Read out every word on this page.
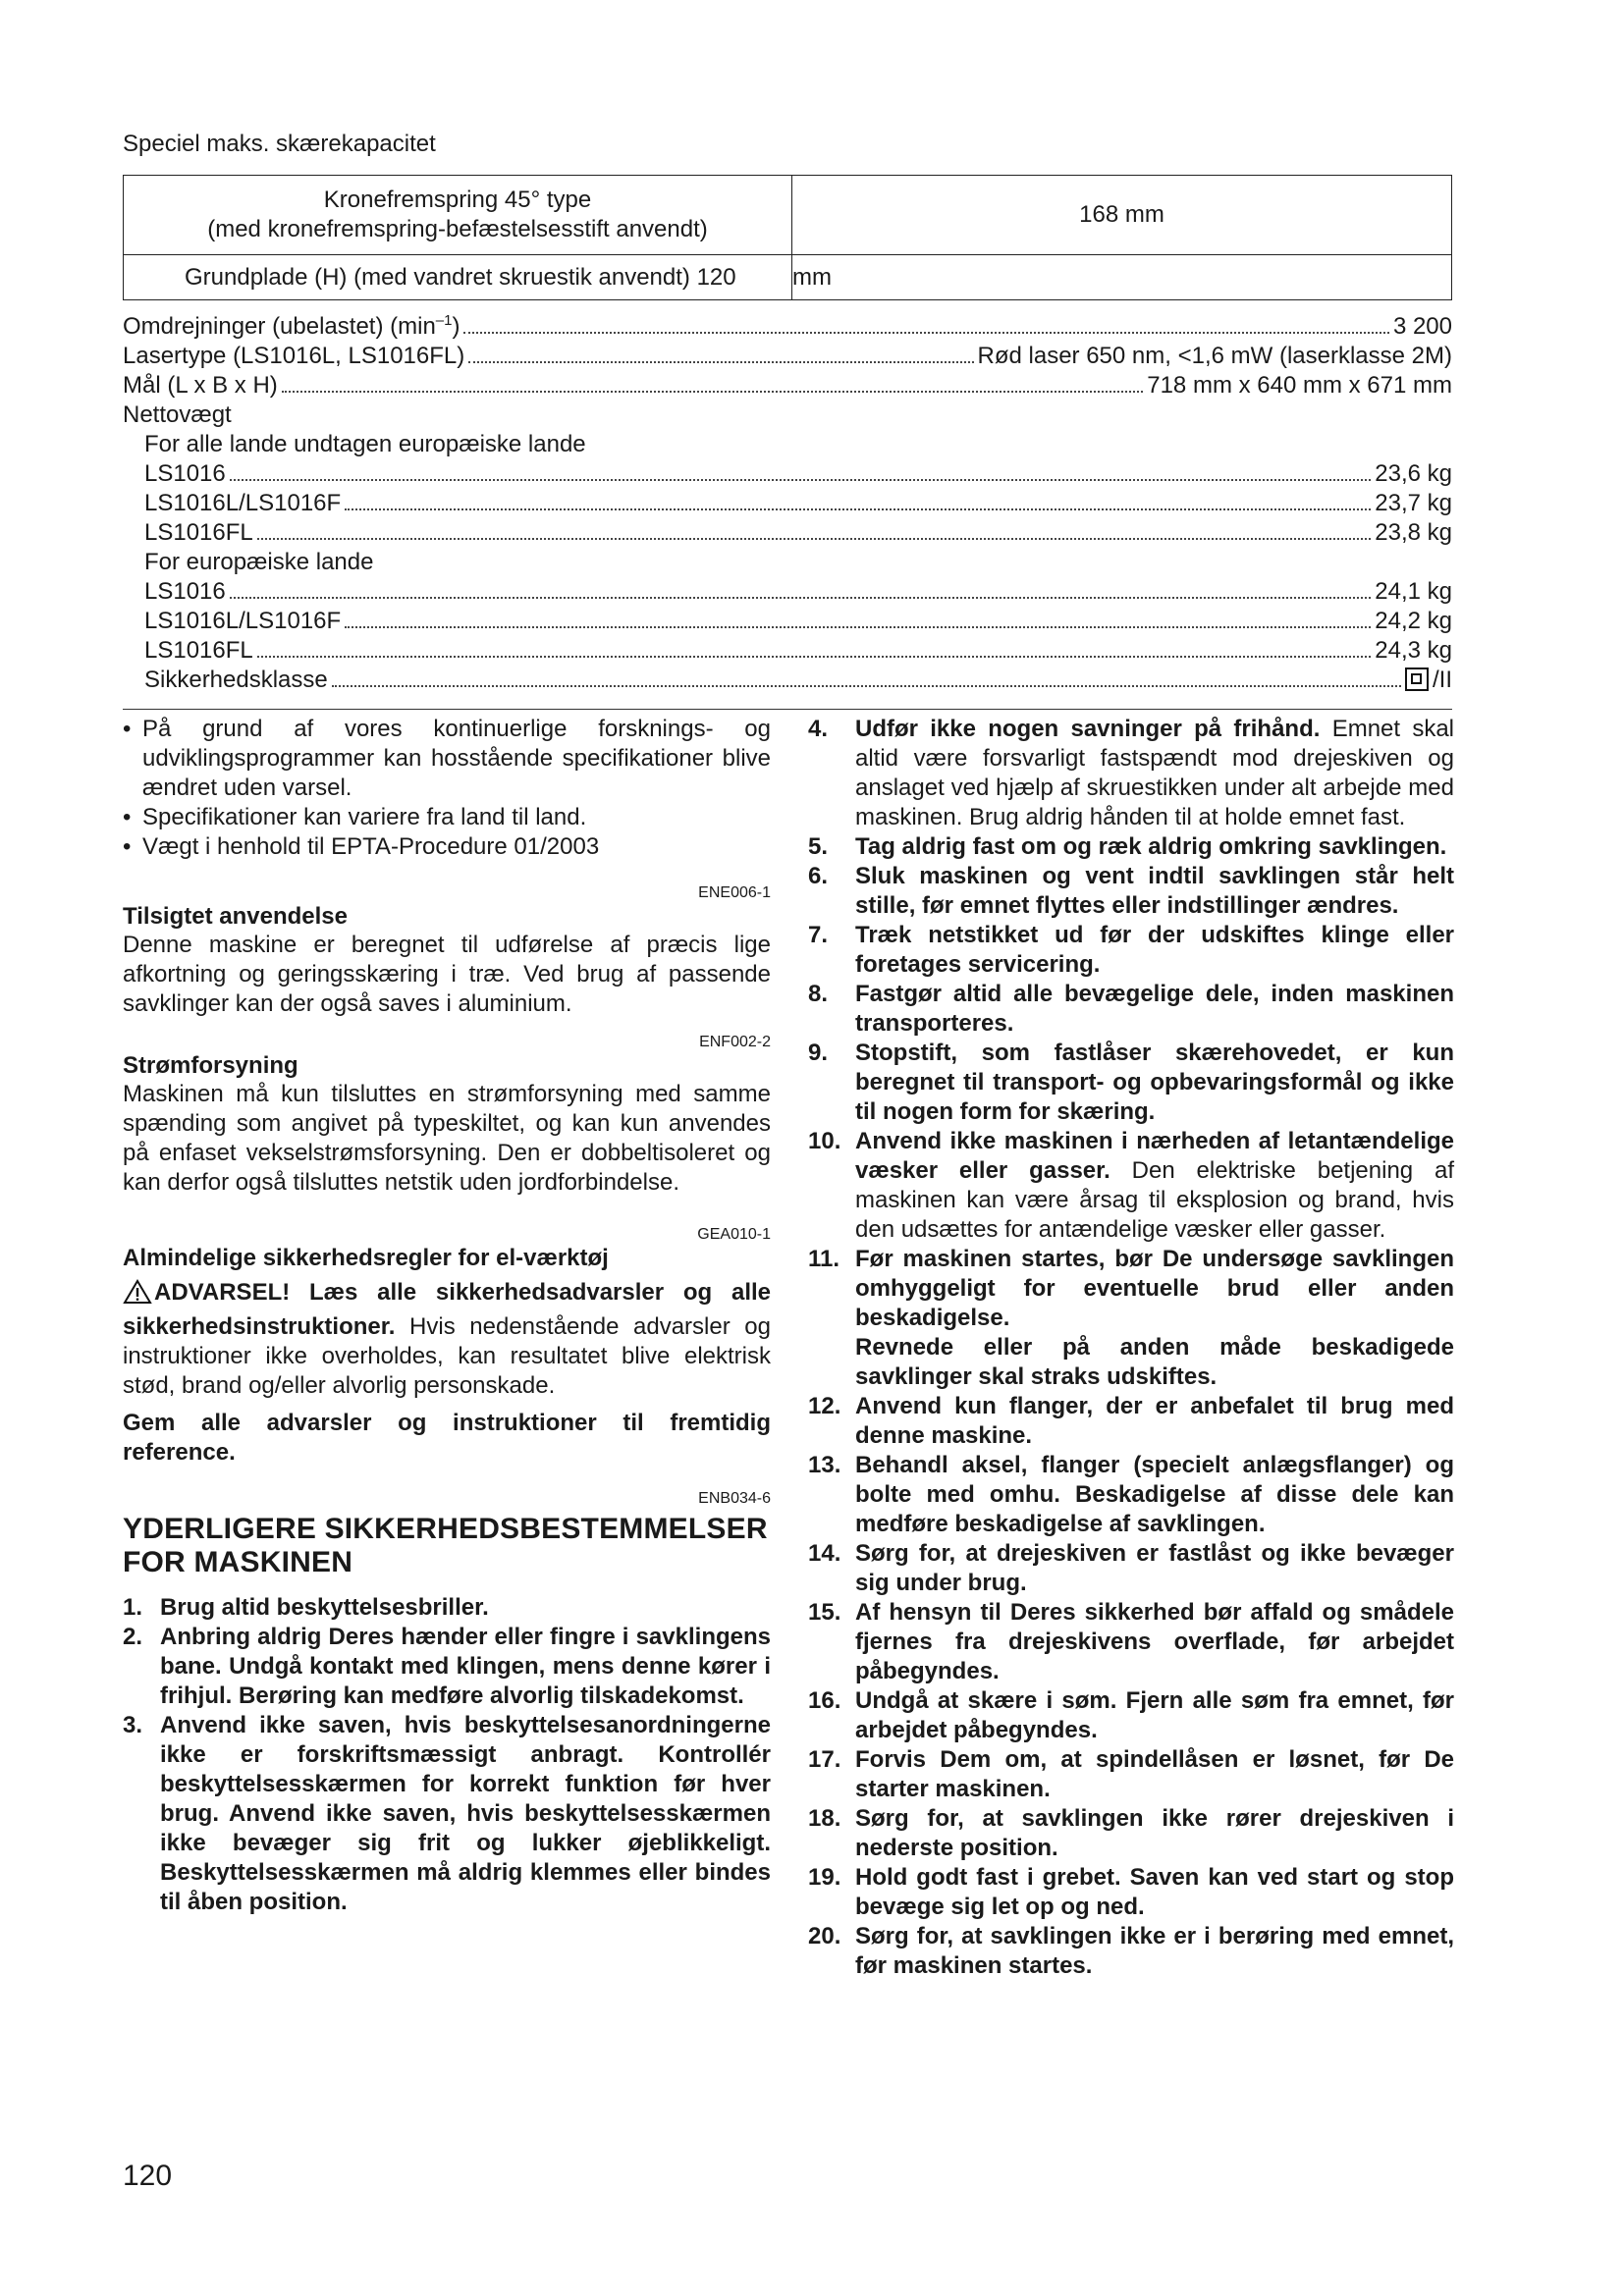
Speciel maks. skærekapacitet
Kronefremspring 45° type
(med kronefremspring-befæstelsesstift anvendt)	168 mm
Grundplade (H) (med vandret skruestik anvendt) 120	mm
Omdrejninger (ubelastet) $(\min^{-1})$	3 200
Lasertype (LS1016L, LS1016FL)	Rød laser 650 nm, <1,6 mW (laserklasse 2M)
Mål (L x B x H)	718 mm x 640 mm x 671 mm
Nettovægt
For alle lande undtagen europæiske lande
LS1016	23,6 kg
LS1016L/LS1016F	23,7 kg
LS1016FL	23,8 kg
For europæiske lande
LS1016	24,1 kg
LS1016L/LS1016F	24,2 kg
LS1016FL	24,3 kg
Sikkerhedsklasse	/II
• På grund af vores kontinuerlige forsknings- og udviklingsprogrammer kan hosstående specifikationer blive ændret uden varsel.
• Specifikationer kan variere fra land til land.
• Vægt i henhold til EPTA-Procedure 01/2003
ENE006-1
Tilsigtet anvendelse
Denne maskine er beregnet til udførelse af præcis lige afkortning og geringsskæring i træ. Ved brug af passende savklinger kan der også saves i aluminium.
ENF002-2
Strømforsyning
Maskinen må kun tilsluttes en strømforsyning med samme spænding som angivet på typeskiltet, og kan kun anvendes på enfaset vekselstrømsforsyning. Den er dobbeltisoleret og kan derfor også tilsluttes netstik uden jordforbindelse.
GEA010-1
Almindelige sikkerhedsregler for el-værktøj
ADVARSEL! Læs alle sikkerhedsadvarsler og alle sikkerhedsinstruktioner. Hvis nedenstående advarsler og instruktioner ikke overholdes, kan resultatet blive elektrisk stød, brand og/eller alvorlig personskade.
Gem alle advarsler og instruktioner til fremtidig reference.
ENB034-6
YDERLIGERE SIKKERHEDSBESTEMMELSER FOR MASKINEN
1. Brug altid beskyttelsesbriller.
2. Anbring aldrig Deres hænder eller fingre i savklingens bane. Undgå kontakt med klingen, mens denne kører i frihjul. Berøring kan medføre alvorlig tilskadekomst.
3. Anvend ikke saven, hvis beskyttelsesanordningerne ikke er forskriftsmæssigt anbragt. Kontrollér beskyttelsesskærmen for korrekt funktion før hver brug. Anvend ikke saven, hvis beskyttelsesskærmen ikke bevæger sig frit og lukker øjeblikkeligt. Beskyttelsesskærmen må aldrig klemmes eller bindes til åben position.
4.	Udfør ikke nogen savninger på frihånd. Emnet skal altid være forsvarligt fastspændt mod drejeskiven og anslaget ved hjælp af skruestikken under alt arbejde med maskinen. Brug aldrig hånden til at holde emnet fast.
5.	Tag aldrig fast om og ræk aldrig omkring savklingen.
6.	Sluk maskinen og vent indtil savklingen står helt stille, før emnet flyttes eller indstillinger ændres.
7.	Træk netstikket ud før der udskiftes klinge eller foretages servicering.
8.	Fastgør altid alle bevægelige dele, inden maskinen transporteres.
9.	Stopstift, som fastlåser skærehovedet, er kun beregnet til transport- og opbevaringsformål og ikke til nogen form for skæring.
10. Anvend ikke maskinen i nærheden af letantændelige væsker eller gasser. Den elektriske betjening af maskinen kan være årsag til eksplosion og brand, hvis den udsættes for antændelige væsker eller gasser.
11. Før maskinen startes, bør De undersøge savklingen omhyggeligt for eventuelle brud eller anden beskadigelse.
Revnede eller på anden måde beskadigede savklinger skal straks udskiftes.
12. Anvend kun flanger, der er anbefalet til brug med denne maskine.
13. Behandl aksel, flanger (specielt anlægsflanger) og bolte med omhu. Beskadigelse af disse dele kan medføre beskadigelse af savklingen.
14. Sørg for, at drejeskiven er fastlåst og ikke bevæger sig under brug.
15. Af hensyn til Deres sikkerhed bør affald og smådele fjernes fra drejeskivens overflade, før arbejdet påbegyndes.
16. Undgå at skære i søm. Fjern alle søm fra emnet, før arbejdet påbegyndes.
17. Forvis Dem om, at spindellåsen er løsnet, før De starter maskinen.
18. Sørg for, at savklingen ikke rører drejeskiven i nederste position.
19. Hold godt fast i grebet. Saven kan ved start og stop bevæge sig let op og ned.
20. Sørg for, at savklingen ikke er i berøring med emnet, før maskinen startes.
120
